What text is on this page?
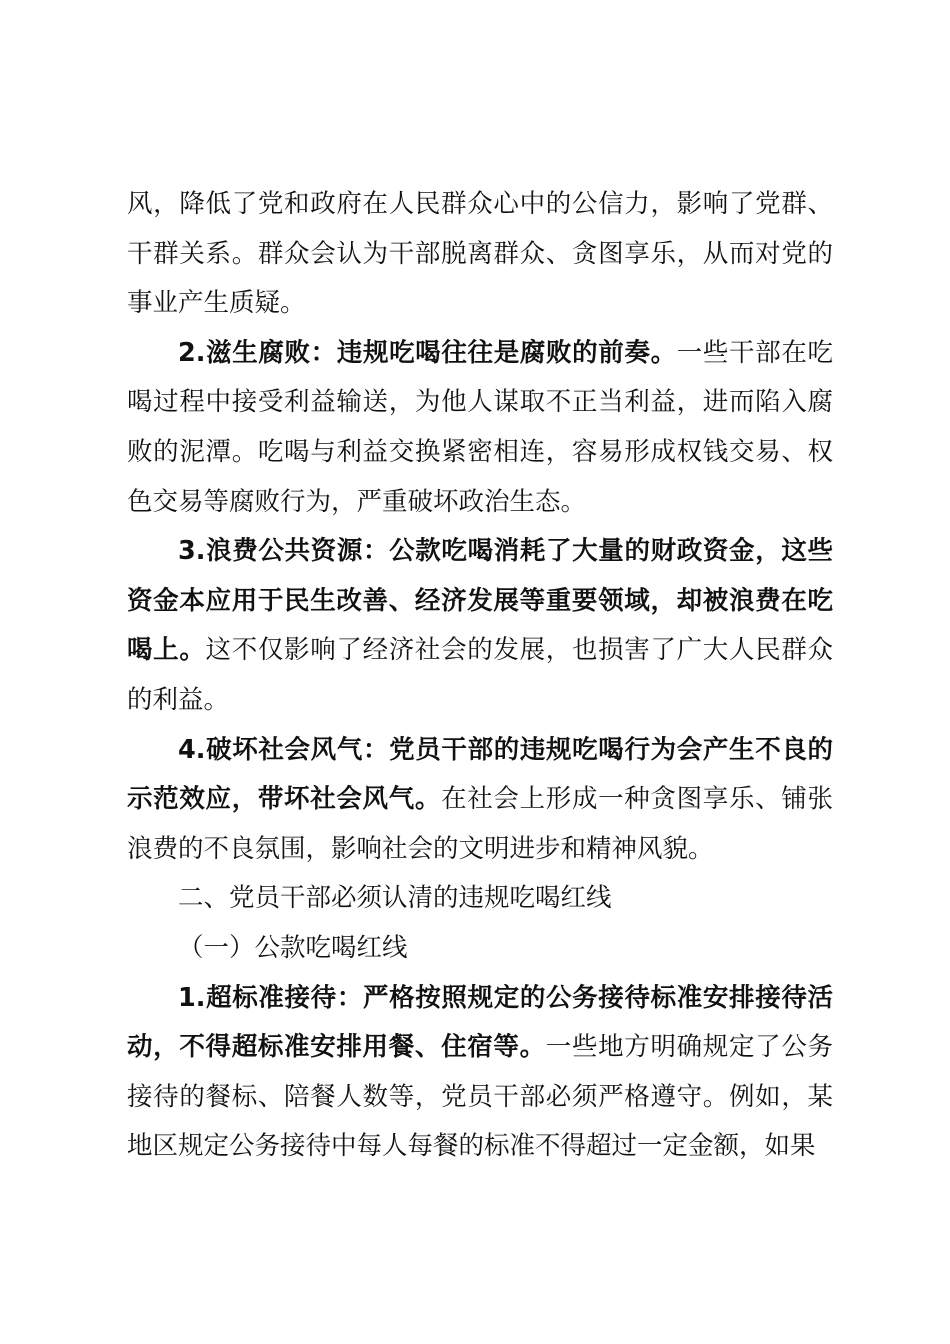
风，降低了党和政府在人民群众心中的公信力，影响了党群、干群关系。群众会认为干部脱离群众、贪图享乐，从而对党的事业产生质疑。

2.滋生腐败：违规吃喝往往是腐败的前奏。一些干部在吃喝过程中接受利益输送，为他人谋取不正当利益，进而陷入腐败的泥潭。吃喝与利益交换紧密相连，容易形成权钱交易、权色交易等腐败行为，严重破坏政治生态。

3.浪费公共资源：公款吃喝消耗了大量的财政资金，这些资金本应用于民生改善、经济发展等重要领域，却被浪费在吃喝上。这不仅影响了经济社会的发展，也损害了广大人民群众的利益。

4.破坏社会风气：党员干部的违规吃喝行为会产生不良的示范效应，带坏社会风气。在社会上形成一种贪图享乐、铺张浪费的不良氛围，影响社会的文明进步和精神风貌。

二、党员干部必须认清的违规吃喝红线

（一）公款吃喝红线

1.超标准接待：严格按照规定的公务接待标准安排接待活动，不得超标准安排用餐、住宿等。一些地方明确规定了公务接待的餐标、陪餐人数等，党员干部必须严格遵守。例如，某地区规定公务接待中每人每餐的标准不得超过一定金额，如果
